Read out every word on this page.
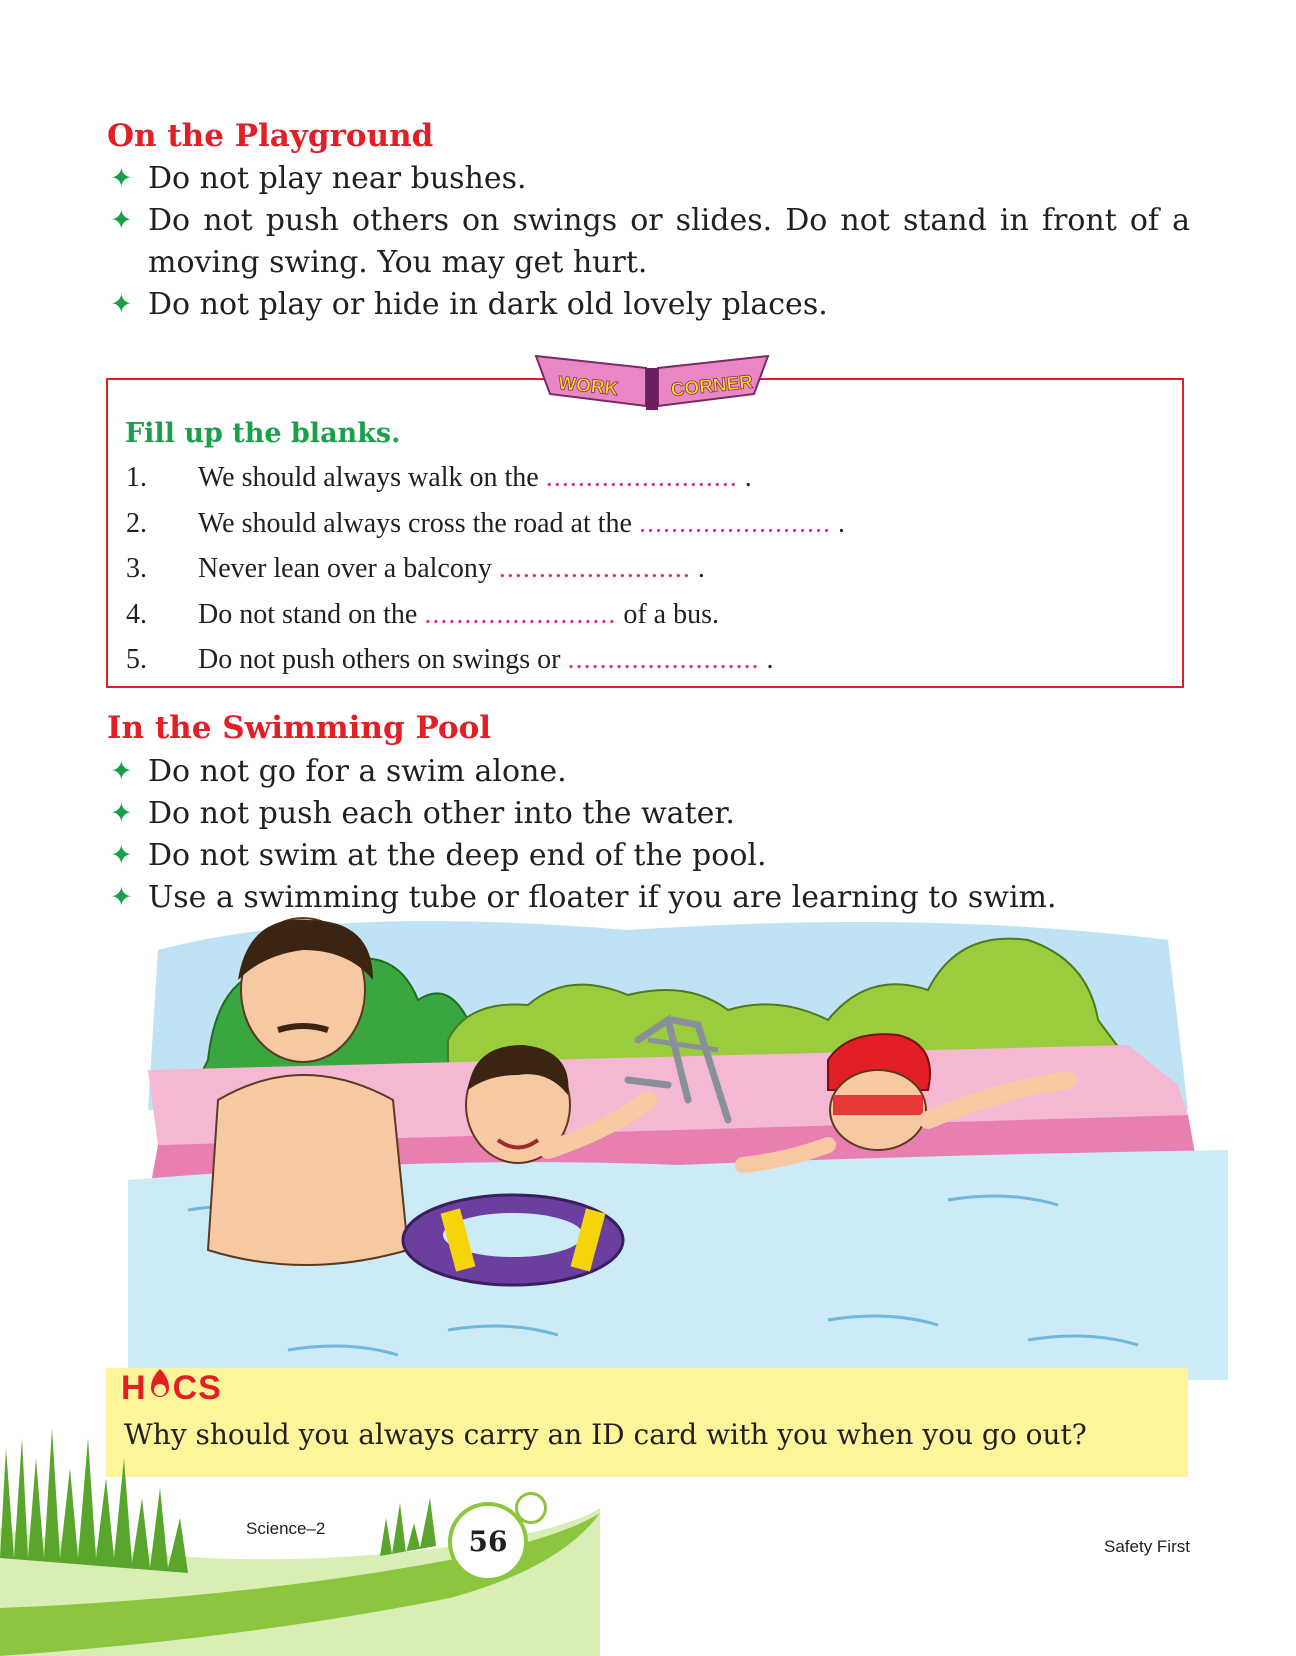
On the Playground
✦ Do not play near bushes.
✦ Do not push others on swings or slides. Do not stand in front of a moving swing. You may get hurt.
✦ Do not play or hide in dark old lovely places.
WORK	CORNER
Fill up the blanks.
1. We should always walk on the ........................ .
2. We should always cross the road at the ........................ .
3. Never lean over a balcony ........................ .
4. Do not stand on the ........................ of a bus.
5. Do not push others on swings or ........................ .
In the Swimming Pool
✦ Do not go for a swim alone.
✦ Do not push each other into the water.
✦ Do not swim at the deep end of the pool.
✦ Use a swimming tube or floater if you are learning to swim.
H CS

Why should you always carry an ID card with you when you go out?

Science–2	56	Safety First
